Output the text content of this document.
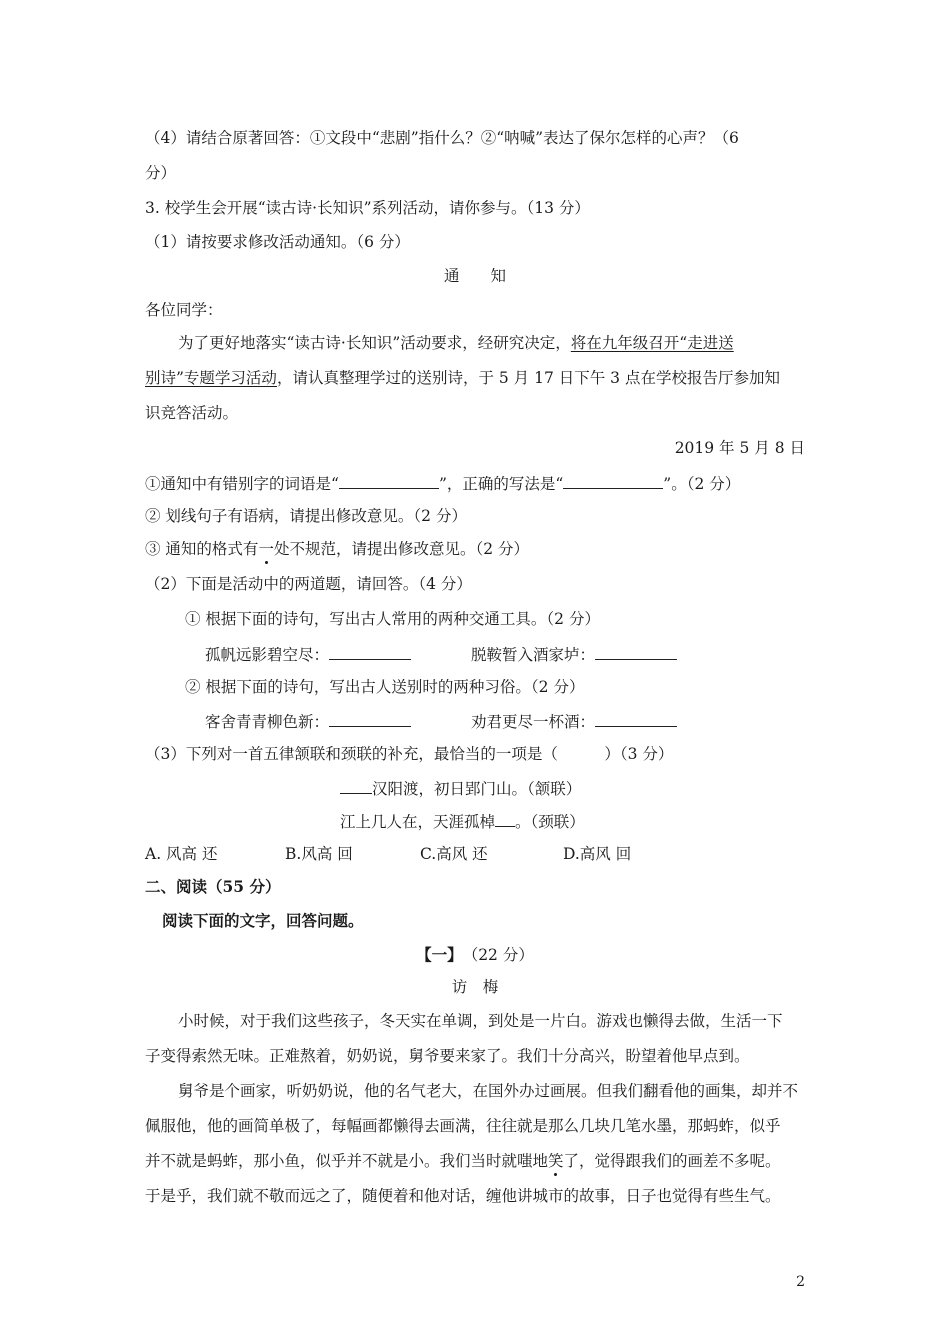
（4）请结合原著回答：①文段中“悲剧”指什么？②“呐喊”表达了保尔怎样的心声？（6
分）
3. 校学生会开展“读古诗·长知识”系列活动，请你参与。（13 分）
（1）请按要求修改活动通知。（6 分）
通　　知
各位同学：
为了更好地落实“读古诗·长知识”活动要求，经研究决定，将在九年级召开“走进送
别诗”专题学习活动，请认真整理学过的送别诗，于 5 月 17 日下午 3 点在学校报告厅参加知
识竞答活动。
2019 年 5 月 8 日
①通知中有错别字的词语是“	”，正确的写法是“	”。（2 分）
② 划线句子有语病，请提出修改意见。（2 分）
③ 通知的格式有一处不规范，请提出修改意见。（2 分）
（2）下面是活动中的两道题，请回答。（4 分）
① 根据下面的诗句，写出古人常用的两种交通工具。（2 分）
孤帆远影碧空尽：	脱鞍暂入酒家垆：
② 根据下面的诗句，写出古人送别时的两种习俗。（2 分）
客舍青青柳色新：	劝君更尽一杯酒：
（3）下列对一首五律颔联和颈联的补充，最恰当的一项是（　　　）（3 分）
汉阳渡，初日郢门山。（颔联）
江上几人在，天涯孤棹 。（颈联）
A. 风高 还	B.风高 回	C.高风 还	D.高风 回
二、阅读（55 分）
阅读下面的文字，回答问题。
【一】　 （22 分）
访　梅
小时候，对于我们这些孩子，冬天实在单调，到处是一片白。游戏也懒得去做，生活一下
子变得索然无味。正难熬着，奶奶说，舅爷要来家了。我们十分高兴，盼望着他早点到。
舅爷是个画家，听奶奶说，他的名气老大，在国外办过画展。但我们翻看他的画集，却并不
佩服他，他的画简单极了，每幅画都懒得去画满，往往就是那么几块几笔水墨，那蚂蚱，似乎
并不就是蚂蚱，那小鱼，似乎并不就是小。我们当时就嗤地笑了，觉得跟我们的画差不多呢。
于是乎，我们就不敬而远之了，随便着和他对话，缠他讲城市的故事，日子也觉得有些生气。
2
